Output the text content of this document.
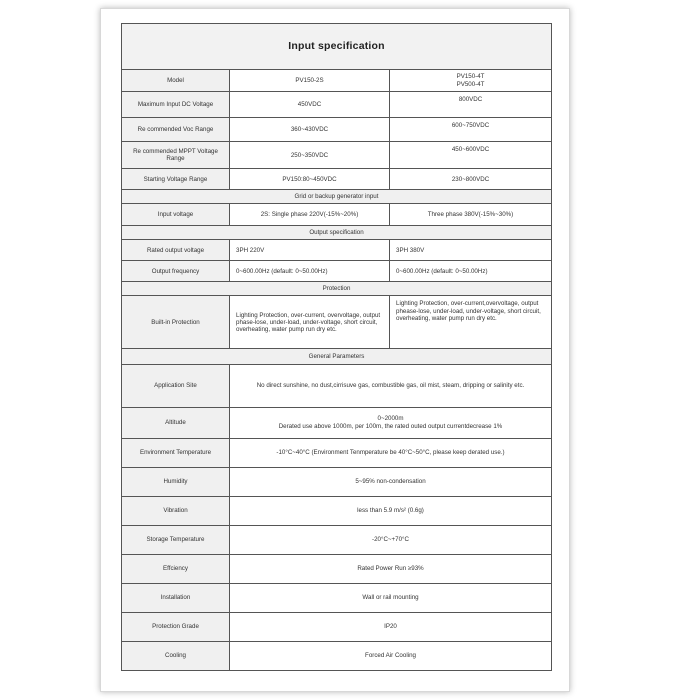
Input specification		
Model	PV150-2S	PV150-4T
PV500-4T

Maximum Input DC Voltage	450VDC	800VDC
Re commended Voc Range	360~430VDC	600~750VDC
Re commended MPPT Voltage Range	250~350VDC	450~600VDC
Starting Voltage Range	PV150:80~450VDC	230~800VDC
Grid or backup generator input		
Input voltage	2S: Single phase 220V(-15%~20%)	Three phase 380V(-15%~30%)
Output specification		
Rated output voltage	3PH 220V	3PH 380V
Output frequency	0~600.00Hz (default: 0~50.00Hz)	0~600.00Hz (default: 0~50.00Hz)
Protection		
Built-in Protection	Lighting Protection, over-current, overvoltage, output phase-lose, under-load, under-voltage, short circuit, overheating, water pump run dry etc.	Lighting Protection, over-current,overvoltage, output phease-lose, under-load, under-voltage, short circuit, overheating, water pump run dry etc.
General Parameters		
Application Site	No direct sunshine, no dust,cirrisuve gas, combustible gas, oil mist, steam, dripping or salinity etc.	
Altitude	0~2000m
Derated use above 1000m, per 100m, the rated outed output currentdecrease 1%	

Environment Temperature	-10°C~40°C (Environment Tenmperature be 40°C~50°C, please keep derated use.)	
Humidity	5~95% non-condensation	
Vibration	less than 5.9 m/s² (0.6g)	
Storage Temperature	-20°C~+70°C	
Effciency	Rated Power Run ≥93%	
Installation	Wall or rail mounting	
Protection Grade	IP20	
Cooling	Forced Air Cooling	
